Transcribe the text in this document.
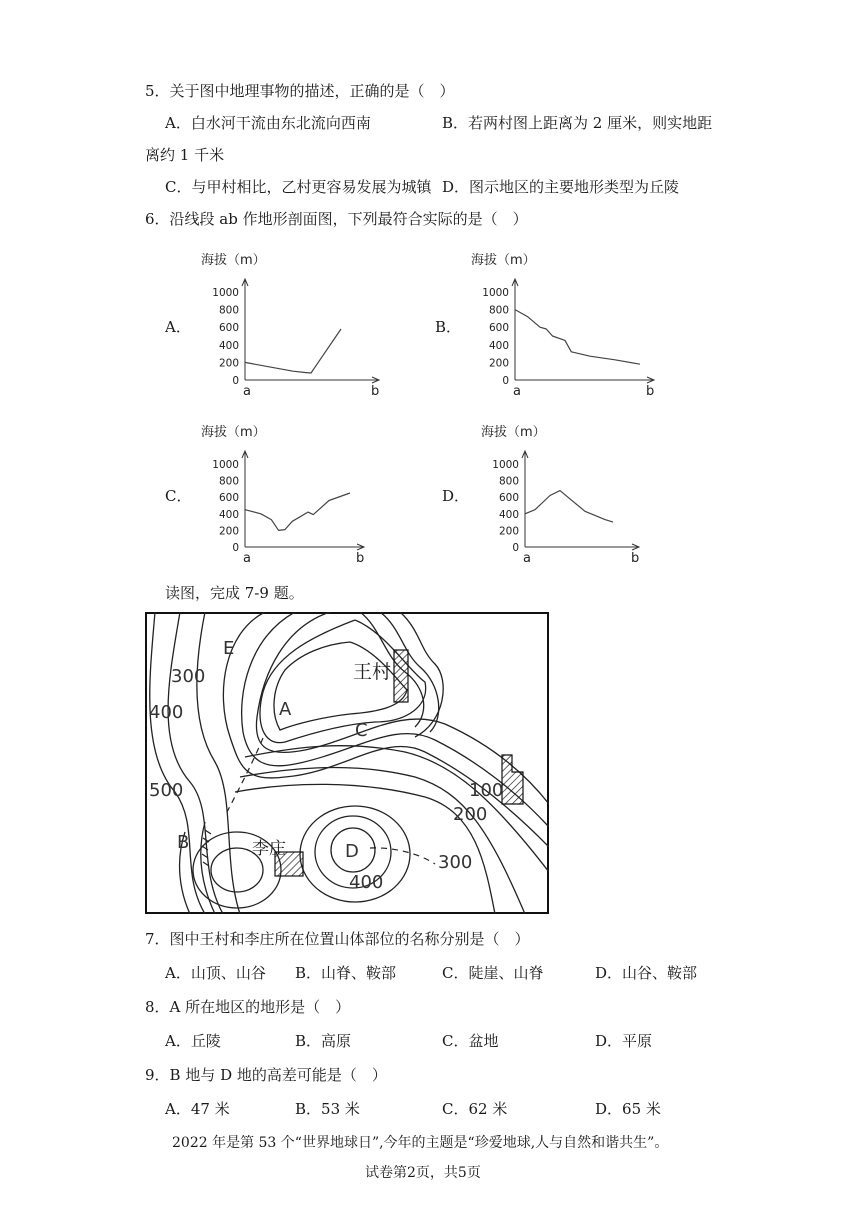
5．关于图中地理事物的描述，正确的是（　）
A．白水河干流由东北流向西南	B．若两村图上距离为 2 厘米，则实地距
离约 1 千米
C．与甲村相比，乙村更容易发展为城镇 D．图示地区的主要地形类型为丘陵
6．沿线段 ab 作地形剖面图，下列最符合实际的是（　）
A．	B．
C．	D．
海拔（m）
1000
800
600
400
200
0
a	b
海拔（m）
1000
800
600
400
200
0
a	b
海拔（m）
1000
800
600
400
200
0
a	b
海拔（m）
1000
800
600
400
200
0
a	b
读图，完成 7-9 题。
E
A
C
B	D
王村
李庄
300
400
500	100
200
300
400
7．图中王村和李庄所在位置山体部位的名称分别是（　）
A．山顶、山谷 B．山脊、鞍部	C．陡崖、山脊	D．山谷、鞍部
8．A 所在地区的地形是（　）
A．丘陵	B．高原	C．盆地	D．平原
9．B 地与 D 地的高差可能是（　）
A．47 米	B．53 米	C．62 米	D．65 米
2022 年是第 53 个“世界地球日”,今年的主题是“珍爱地球,人与自然和谐共生”。
试卷第2页，共5页
